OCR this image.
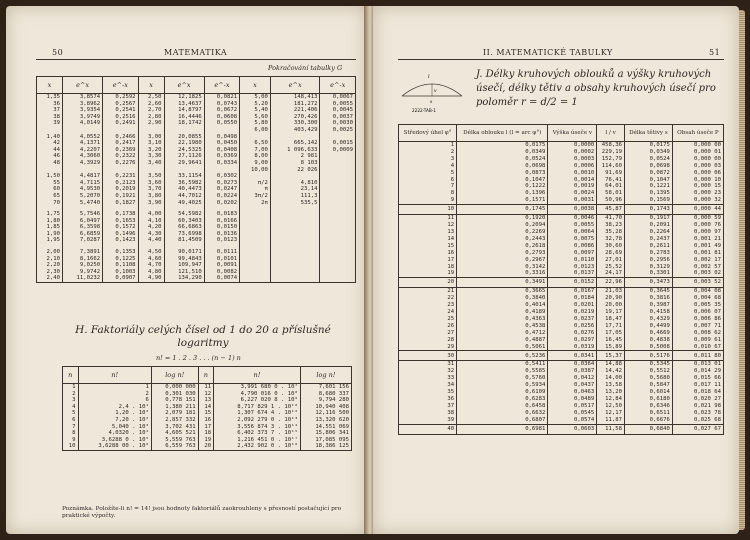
50	MATEMATIKA
Pokračování tabulky G
x	e^x	e^-x	x	e^x	e^-x	x	e^x	e^-x
1,35	3,8574	0,2592	2,50	12,1825	0,0821	5,00	148,413	0,0067
36	3,8962	0,2567	2,60	13,4637	0,0743	5,20	181,272	0,0055
37	3,9354	0,2541	2,70	14,8797	0,0672	5,40	221,406	0,0045
38	3,9749	0,2516	2,80	16,4446	0,0608	5,60	270,426	0,0037
39	4,0149	0,2491	2,90	18,1742	0,0550	5,80	330,300	0,0030
						6,00	403,429	0,0025
1,40	4,0552	0,2466	3,00	20,0855	0,0498			
42	4,1371	0,2417	3,10	22,1980	0,0450	6,50	665,142	0,0015
44	4,2207	0,2369	3,20	24,5325	0,0408	7,00	1 096,633	0,0009
46	4,3060	0,2322	3,30	27,1126	0,0369	8,00	2 981	
48	4,3929	0,2276	3,40	29,9641	0,0334	9,00	8 103	
						10,00	22 026	
1,50	4,4817	0,2231	3,50	33,1154	0,0302			
55	4,7115	0,2123	3,60	36,5982	0,0273	π/2	4,810	
60	4,9530	0,2019	3,70	40,4473	0,0247	π	23,14	
65	5,2070	0,1921	3,80	44,7012	0,0224	3π/2	111,3	
70	5,4740	0,1827	3,90	49,4025	0,0202	2π	535,5	

1,75	5,7546	0,1738	4,00	54,5982	0,0183			
1,80	6,0497	0,1653	4,10	60,3403	0,0166			
1,85	6,3598	0,1572	4,20	66,6863	0,0150			
1,90	6,6859	0,1496	4,30	73,6998	0,0136			
1,95	7,0287	0,1423	4,40	81,4509	0,0123			

2,00	7,3891	0,1353	4,50	90,0171	0,0111			
2,10	8,1662	0,1225	4,60	99,4843	0,0101			
2,20	9,0250	0,1108	4,70	109,947	0,0091			
2,30	9,9742	0,1003	4,80	121,510	0,0082			
2,40	11,0232	0,0907	4,90	134,290	0,0074			
H. Faktoriály celých čísel od 1 do 20 a příslušné logaritmy
n! = 1 . 2 . 3 . . . (n − 1) n
n	n!	log n!	n	n!	log n!
1	1	0,000 000	11	3,991 680 0 . 10⁷	7,601 156
2	2	0,301 030	12	4,790 016 0 . 10⁸	8,680 337
3	6	0,778 151	13	6,227 020 8 . 10⁹	9,794 280
4	2,4 . 10¹	1,380 211	14	8,717 829 1 . 10¹⁰	10,940 408
5	1,20 . 10²	2,079 181	15	1,307 674 4 . 10¹²	12,116 500

6	7,20 . 10²	2,857 332	16	2,092 279 0 . 10¹³	13,320 620
7	5,040 . 10³	3,702 431	17	3,556 874 3 . 10¹⁴	14,551 069
8	4,0320 . 10⁴	4,605 521	18	6,402 373 7 . 10¹⁵	15,806 341
9	3,6288 0 . 10⁵	5,559 763	19	1,216 451 0 . 10¹⁷	17,085 095
10	3,6288 00 . 10⁶	6,559 763	20	2,432 902 0 . 10¹⁸	18,386 125
Poznámka. Položíte-li n! = 14! jsou hodnoty faktoriálů zaokrouhleny s přesností postačující pro praktické výpočty.
II. MATEMATICKÉ TABULKY	51
l
v
s
2222-TAB-1
J. Délky kruhových oblouků a výšky kruhových úsečí, délky tětiv a obsahy kruhových úsečí pro poloměr r = d/2 = 1
Středový úhel φ°	Délka oblouku l (l = arc φ°)	Výška úseče v	l / v	Délka tětivy s	Obsah úseče P
1	0,0175	0,0000	458,36	0,0175	0,000 00
2	0,0349	0,0002	229,19	0,0349	0,000 01
3	0,0524	0,0003	152,79	0,0524	0,000 00
4	0,0698	0,0006	114,60	0,0698	0,000 03
5	0,0873	0,0010	91,69	0,0872	0,000 06
6	0,1047	0,0014	76,41	0,1047	0,000 10
7	0,1222	0,0019	64,01	0,1221	0,000 15
8	0,1396	0,0024	58,01	0,1395	0,000 23
9	0,1571	0,0031	50,96	0,1569	0,000 32
10	0,1745	0,0038	45,87	0,1743	0,000 44
11	0,1920	0,0046	41,70	0,1917	0,000 59
12	0,2094	0,0055	38,23	0,2091	0,000 76
13	0,2269	0,0064	35,28	0,2264	0,000 97
14	0,2443	0,0075	32,78	0,2437	0,001 21
15	0,2618	0,0086	30,60	0,2611	0,001 49
16	0,2793	0,0097	28,69	0,2783	0,001 81
17	0,2967	0,0110	27,01	0,2956	0,002 17
18	0,3142	0,0123	25,52	0,3129	0,002 57
19	0,3316	0,0137	24,17	0,3301	0,003 02
20	0,3491	0,0152	22,96	0,3473	0,003 52
21	0,3665	0,0167	21,03	0,3645	0,004 08
22	0,3840	0,0184	20,90	0,3816	0,004 68
23	0,4014	0,0201	20,00	0,3987	0,005 35
24	0,4189	0,0219	19,17	0,4158	0,006 07
25	0,4363	0,0237	18,47	0,4329	0,006 86
26	0,4538	0,0256	17,71	0,4499	0,007 71
27	0,4712	0,0276	17,05	0,4669	0,008 62
28	0,4887	0,0297	16,45	0,4838	0,009 61
29	0,5061	0,0319	15,89	0,5008	0,010 67
30	0,5236	0,0341	15,37	0,5176	0,011 80
31	0,5411	0,0364	14,88	0,5345	0,013 01
32	0,5585	0,0387	14,42	0,5512	0,014 29
33	0,5760	0,0412	14,00	0,5680	0,015 66
34	0,5934	0,0437	13,58	0,5847	0,017 11
35	0,6109	0,0463	13,20	0,6014	0,018 64
36	0,6283	0,0489	12,84	0,6180	0,020 27
37	0,6458	0,0517	12,50	0,6346	0,021 98
38	0,6632	0,0545	12,17	0,6511	0,023 78
39	0,6807	0,0574	11,87	0,6676	0,025 68
40	0,6981	0,0603	11,58	0,6840	0,027 67
